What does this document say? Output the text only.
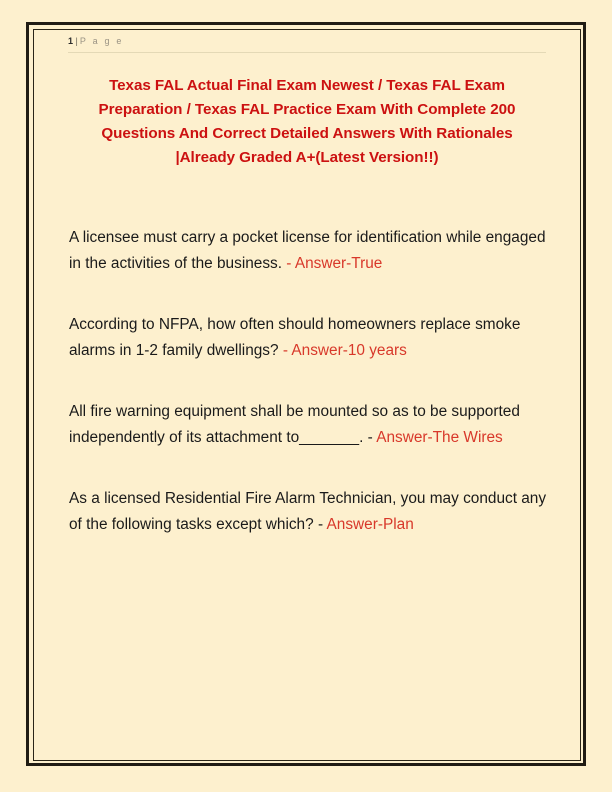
1 | P a g e
Texas FAL Actual Final Exam Newest / Texas FAL Exam Preparation / Texas FAL Practice Exam With Complete 200 Questions And Correct Detailed Answers With Rationales |Already Graded A+(Latest Version!!)
A licensee must carry a pocket license for identification while engaged in the activities of the business. - Answer-True
According to NFPA, how often should homeowners replace smoke alarms in 1-2 family dwellings? - Answer-10 years
All fire warning equipment shall be mounted so as to be supported independently of its attachment to_______. - Answer-The Wires
As a licensed Residential Fire Alarm Technician, you may conduct any of the following tasks except which? - Answer-Plan
